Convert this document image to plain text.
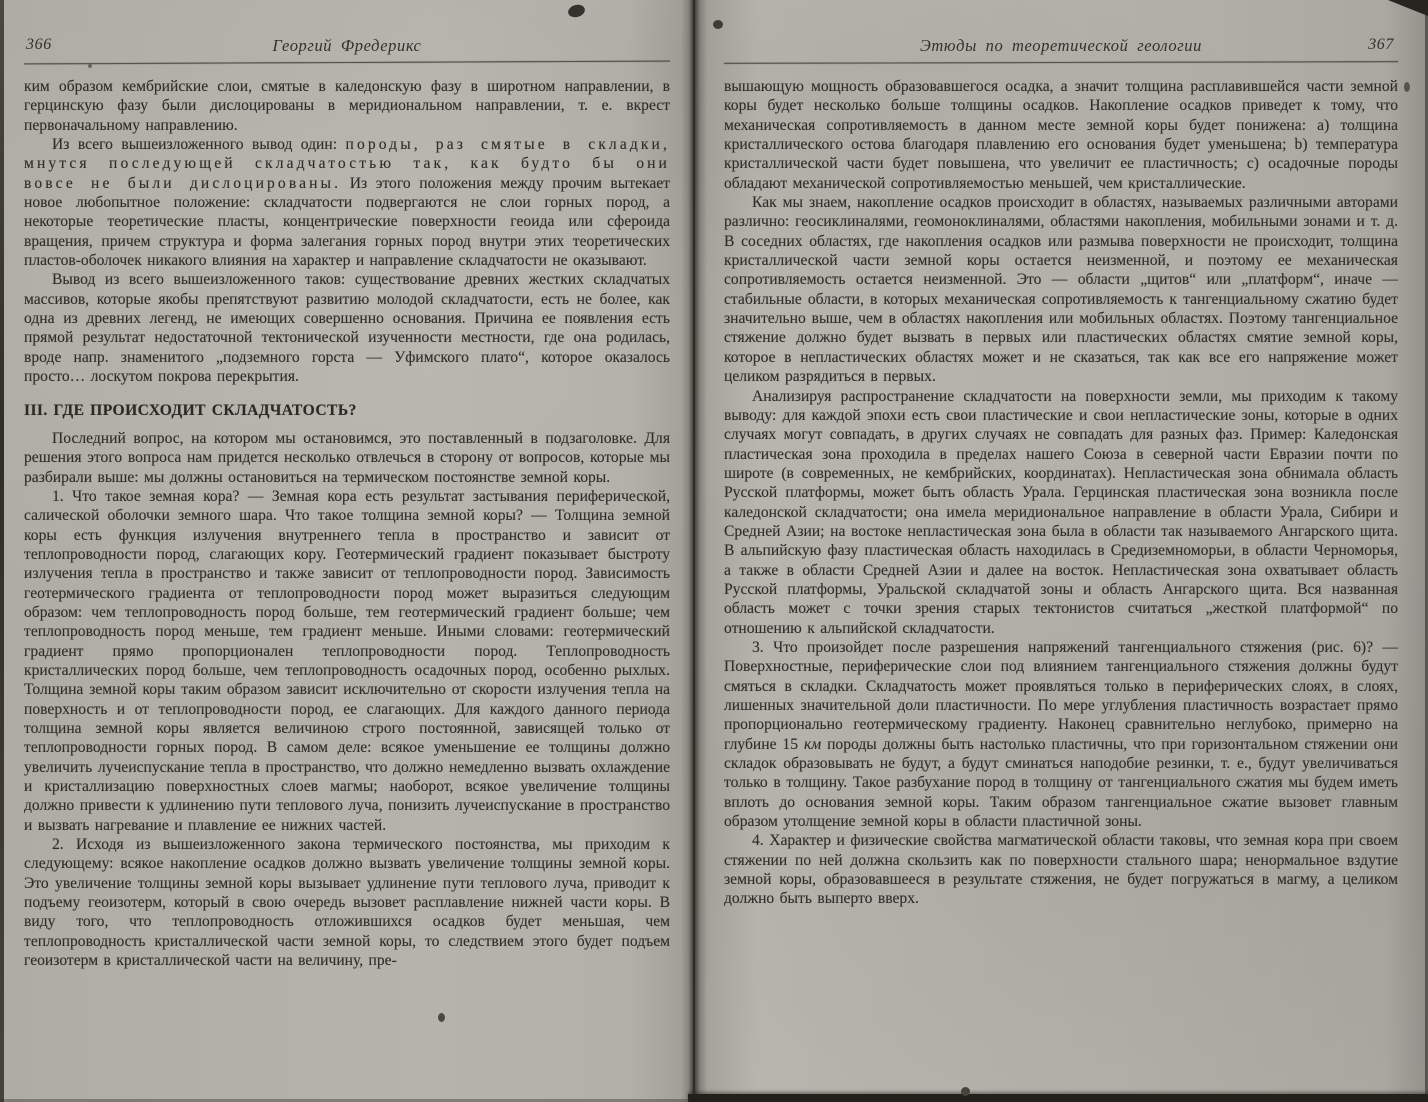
366	Георгий Фредерикс

ким образом кембрийские слои, смятые в каледонскую фазу в широтном направлении, в герцинскую фазу были дислоцированы в меридиональном направлении, т. е. вкрест первоначальному направлению.

Из всего вышеизложенного вывод один: породы, раз смятые в складки, мнутся последующей складчатостью так, как будто бы они вовсе не были дислоцированы. Из этого положения между прочим вытекает новое любопытное положение: складчатости подвергаются не слои горных пород, а некоторые теоретические пласты, концентрические поверхности геоида или сфероида вращения, причем структура и форма залегания горных пород внутри этих теоретических пластов-оболочек никакого влияния на характер и направление складчатости не оказывают.

Вывод из всего вышеизложенного таков: существование древних жестких складчатых массивов, которые якобы препятствуют развитию молодой складчатости, есть не более, как одна из древних легенд, не имеющих совершенно основания. Причина ее появления есть прямой результат недостаточной тектонической изученности местности, где она родилась, вроде напр. знаменитого „подземного горста — Уфимского плато“, которое оказалось просто… лоскутом покрова перекрытия.

III. ГДЕ ПРОИСХОДИТ СКЛАДЧАТОСТЬ?

Последний вопрос, на котором мы остановимся, это поставленный в подзаголовке. Для решения этого вопроса нам придется несколько отвлечься в сторону от вопросов, которые мы разбирали выше: мы должны остановиться на термическом постоянстве земной коры.

1. Что такое земная кора? — Земная кора есть результат застывания периферической, салической оболочки земного шара. Что такое толщина земной коры? — Толщина земной коры есть функция излучения внутреннего тепла в пространство и зависит от теплопроводности пород, слагающих кору. Геотермический градиент показывает быстроту излучения тепла в пространство и также зависит от теплопроводности пород. Зависимость геотермического градиента от теплопроводности пород может выразиться следующим образом: чем теплопроводность пород больше, тем геотермический градиент больше; чем теплопроводность пород меньше, тем градиент меньше. Иными словами: геотермический градиент прямо пропорционален теплопроводности пород. Теплопроводность кристаллических пород больше, чем теплопроводность осадочных пород, особенно рыхлых. Толщина земной коры таким образом зависит исключительно от скорости излучения тепла на поверхность и от теплопроводности пород, ее слагающих. Для каждого данного периода толщина земной коры является величиною строго постоянной, зависящей только от теплопроводности горных пород. В самом деле: всякое уменьшение ее толщины должно увеличить лучеиспускание тепла в пространство, что должно немедленно вызвать охлаждение и кристаллизацию поверхностных слоев магмы; наоборот, всякое увеличение толщины должно привести к удлинению пути теплового луча, понизить лучеиспускание в пространство и вызвать нагревание и плавление ее нижних частей.

2. Исходя из вышеизложенного закона термического постоянства, мы приходим к следующему: всякое накопление осадков должно вызвать увеличение толщины земной коры. Это увеличение толщины земной коры вызывает удлинение пути теплового луча, приводит к подъему геоизотерм, который в свою очередь вызовет расплавление нижней части коры. В виду того, что теплопроводность отложившихся осадков будет меньшая, чем теплопроводность кристаллической части земной коры, то следствием этого будет подъем геоизотерм в кристаллической части на величину, пре-

Этюды по теоретической геологии	367

вышающую мощность образовавшегося осадка, а значит толщина расплавившейся части земной коры будет несколько больше толщины осадков. Накопление осадков приведет к тому, что механическая сопротивляемость в данном месте земной коры будет понижена: а) толщина кристаллического остова благодаря плавлению его основания будет уменьшена; b) температура кристаллической части будет повышена, что увеличит ее пластичность; с) осадочные породы обладают механической сопротивляемостью меньшей, чем кристаллические.

Как мы знаем, накопление осадков происходит в областях, называемых различными авторами различно: геосиклиналями, геомоноклиналями, областями накопления, мобильными зонами и т. д. В соседних областях, где накопления осадков или размыва поверхности не происходит, толщина кристаллической части земной коры остается неизменной, и поэтому ее механическая сопротивляемость остается неизменной. Это — области „щитов“ или „платформ“, иначе — стабильные области, в которых механическая сопротивляемость к тангенциальному сжатию будет значительно выше, чем в областях накопления или мобильных областях. Поэтому тангенциальное стяжение должно будет вызвать в первых или пластических областях смятие земной коры, которое в непластических областях может и не сказаться, так как все его напряжение может целиком разрядиться в первых.

Анализируя распространение складчатости на поверхности земли, мы приходим к такому выводу: для каждой эпохи есть свои пластические и свои непластические зоны, которые в одних случаях могут совпадать, в других случаях не совпадать для разных фаз. Пример: Каледонская пластическая зона проходила в пределах нашего Союза в северной части Евразии почти по широте (в современных, не кембрийских, координатах). Непластическая зона обнимала область Русской платформы, может быть область Урала. Герцинская пластическая зона возникла после каледонской складчатости; она имела меридиональное направление в области Урала, Сибири и Средней Азии; на востоке непластическая зона была в области так называемого Ангарского щита. В альпийскую фазу пластическая область находилась в Средиземноморьи, в области Черноморья, а также в области Средней Азии и далее на восток. Непластическая зона охватывает область Русской платформы, Уральской складчатой зоны и область Ангарского щита. Вся названная область может с точки зрения старых тектонистов считаться „жесткой платформой“ по отношению к альпийской складчатости.

3. Что произойдет после разрешения напряжений тангенциального стяжения (рис. 6)? — Поверхностные, периферические слои под влиянием тангенциального стяжения должны будут смяться в складки. Складчатость может проявляться только в периферических слоях, в слоях, лишенных значительной доли пластичности. По мере углубления пластичность возрастает прямо пропорционально геотермическому градиенту. Наконец сравнительно неглубоко, примерно на глубине 15 км породы должны быть настолько пластичны, что при горизонтальном стяжении они складок образовывать не будут, а будут сминаться наподобие резинки, т. е., будут увеличиваться только в толщину. Такое разбухание пород в толщину от тангенциального сжатия мы будем иметь вплоть до основания земной коры. Таким образом тангенциальное сжатие вызовет главным образом утолщение земной коры в области пластичной зоны.

4. Характер и физические свойства магматической области таковы, что земная кора при своем стяжении по ней должна скользить как по поверхности стального шара; ненормальное вздутие земной коры, образовавшееся в результате стяжения, не будет погружаться в магму, а целиком должно быть выперто вверх.
